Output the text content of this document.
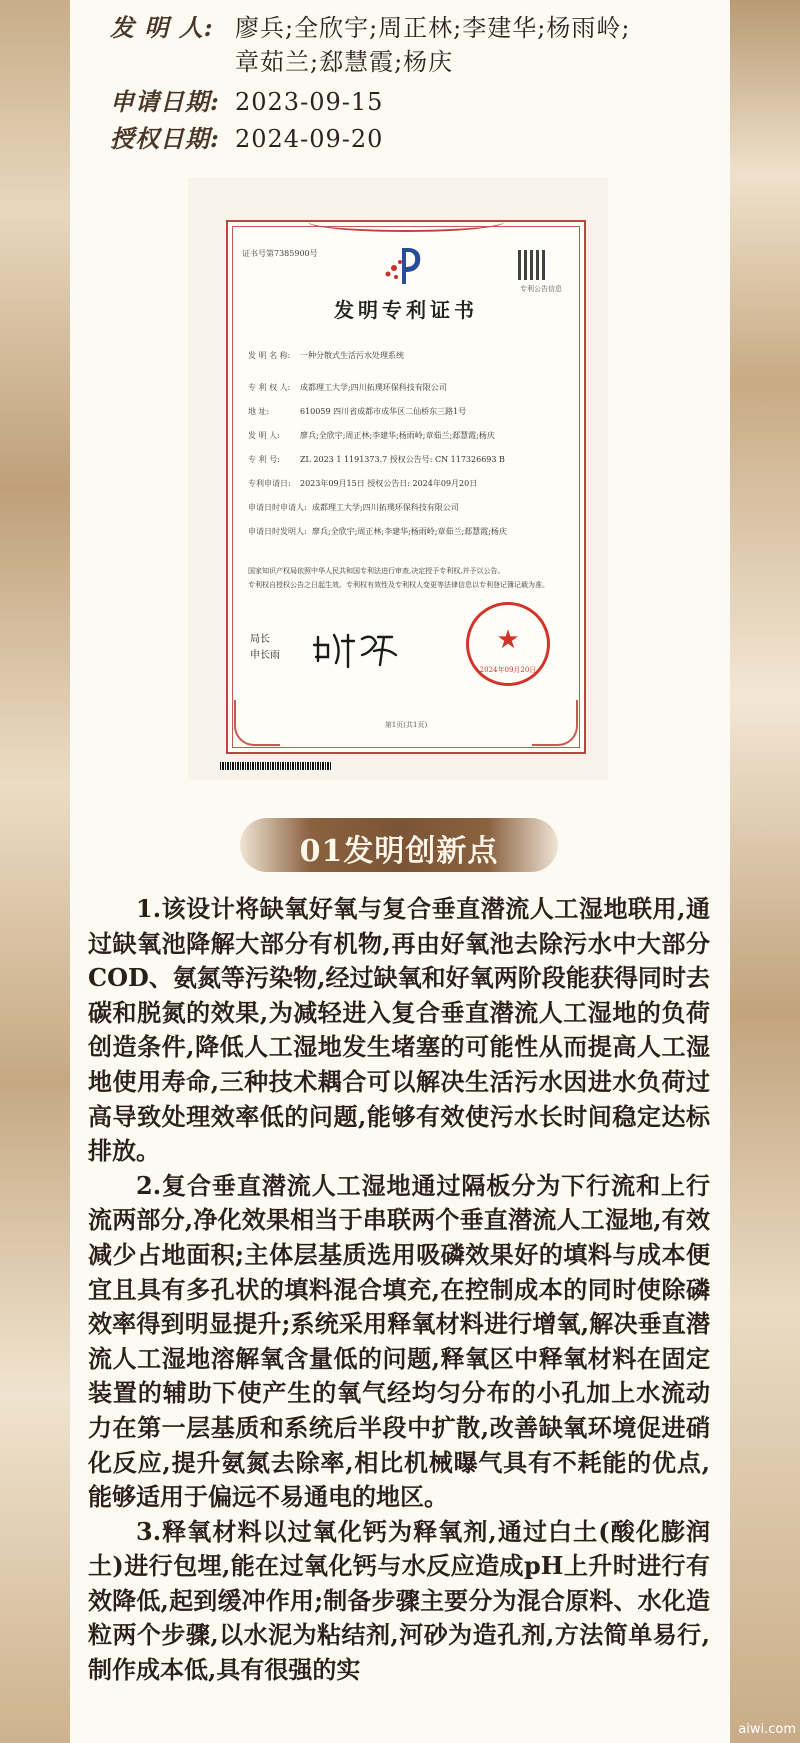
发 明 人: 廖兵;全欣宇;周正林;李建华;杨雨岭;
章茹兰;郄慧霞;杨庆
申请日期: 2023-09-15
授权日期: 2024-09-20
证书号第7385900号
专利公告信息
发明专利证书
发 明 名 称: 一种分散式生活污水处理系统
专 利 权 人: 成都理工大学;四川拓璞环保科技有限公司
地 址:	610059 四川省成都市成华区二仙桥东三路1号
发 明 人:	廖兵;全欣宇;周正林;李建华;杨雨岭;章茹兰;郄慧霞;杨庆
专 利 号:	ZL 2023 1 1191373.7 授权公告号: CN 117326693 B
专利申请日: 2023年09月15日 授权公告日: 2024年09月20日
申请日时申请人: 成都理工大学;四川拓璞环保科技有限公司
申请日时发明人: 廖兵;全欣宇;周正林;李建华;杨雨岭;章茹兰;郄慧霞;杨庆
国家知识产权局依照中华人民共和国专利法进行审查,决定授予专利权,并予以公告。
专利权自授权公告之日起生效。专利权有效性及专利权人变更等法律信息以专利登记簿记载为准。
局长
申长雨
★
2024年09月20日
第1页(共1页)
01发明创新点

1.该设计将缺氧好氧与复合垂直潜流人工湿地联用,通过缺氧池降解大部分有机物,再由好氧池去除污水中大部分COD、氨氮等污染物,经过缺氧和好氧两阶段能获得同时去碳和脱氮的效果,为减轻进入复合垂直潜流人工湿地的负荷创造条件,降低人工湿地发生堵塞的可能性从而提高人工湿地使用寿命,三种技术耦合可以解决生活污水因进水负荷过高导致处理效率低的问题,能够有效使污水长时间稳定达标排放。

2.复合垂直潜流人工湿地通过隔板分为下行流和上行流两部分,净化效果相当于串联两个垂直潜流人工湿地,有效减少占地面积;主体层基质选用吸磷效果好的填料与成本便宜且具有多孔状的填料混合填充,在控制成本的同时使除磷效率得到明显提升;系统采用释氧材料进行增氧,解决垂直潜流人工湿地溶解氧含量低的问题,释氧区中释氧材料在固定装置的辅助下使产生的氧气经均匀分布的小孔加上水流动力在第一层基质和系统后半段中扩散,改善缺氧环境促进硝化反应,提升氨氮去除率,相比机械曝气具有不耗能的优点,能够适用于偏远不易通电的地区。

3.释氧材料以过氧化钙为释氧剂,通过白土(酸化膨润土)进行包埋,能在过氧化钙与水反应造成pH上升时进行有效降低,起到缓冲作用;制备步骤主要分为混合原料、水化造粒两个步骤,以水泥为粘结剂,河砂为造孔剂,方法简单易行,制作成本低,具有很强的实

aiwi.com
